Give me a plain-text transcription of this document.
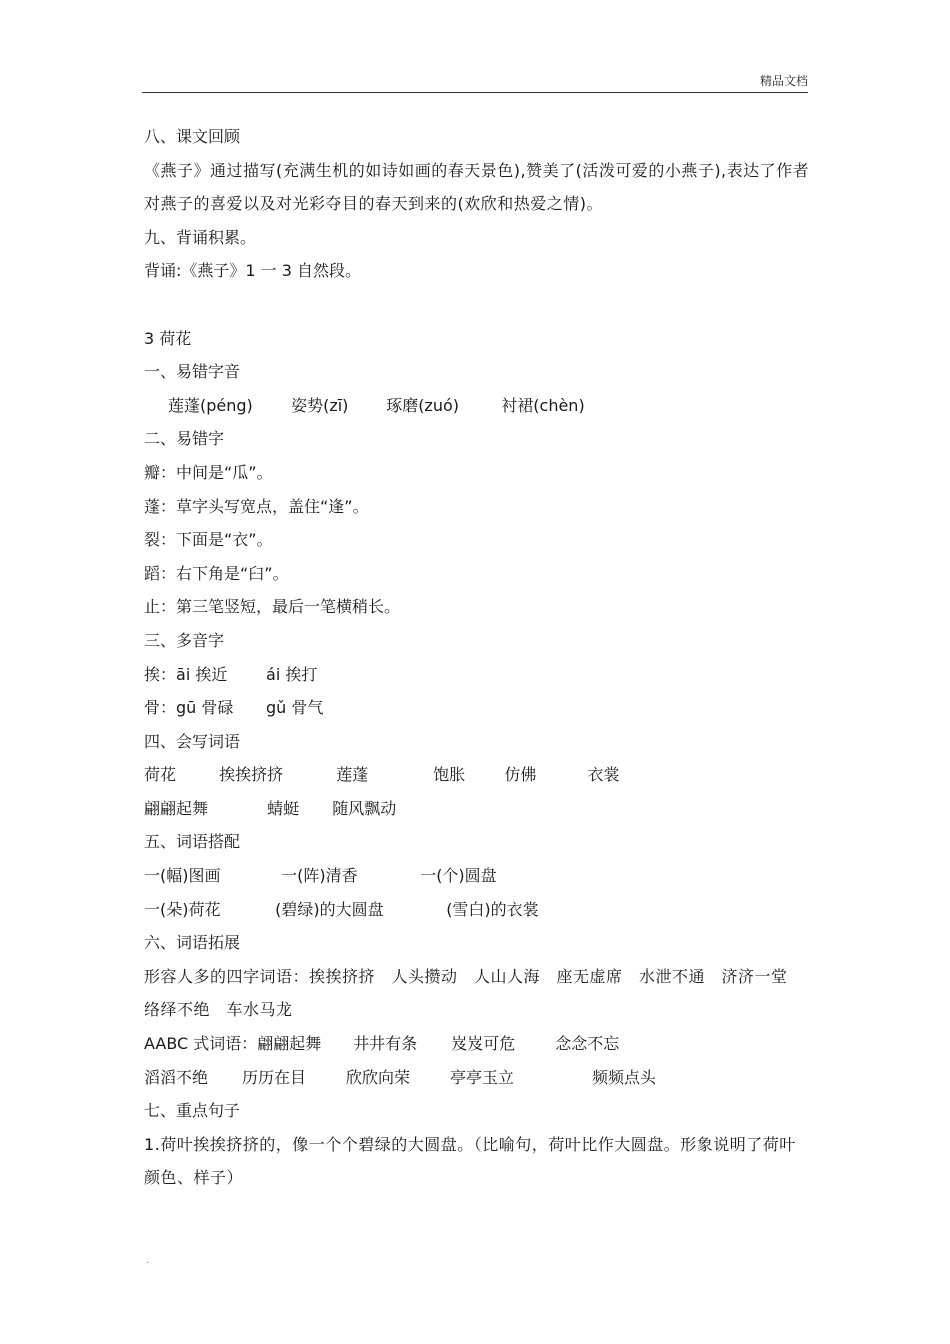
精品文档
八、课文回顾
《燕子》通过描写(充满生机的如诗如画的春天景色),赞美了(活泼可爱的小燕子),表达了作者对燕子的喜爱以及对光彩夺目的春天到来的(欢欣和热爱之情)。
九、背诵积累。
背诵:《燕子》1 一 3 自然段。
3 荷花
一、易错字音
莲蓬(péng) 姿势(zī) 琢磨(zuó)	衬裙(chèn)
二、易错字
瓣：中间是“瓜”。
蓬：草字头写宽点，盖住“逢”。
裂：下面是“衣”。
蹈：右下角是“臼”。
止：第三笔竖短，最后一笔横稍长。
三、多音字
挨：āi 挨近 ái 挨打
骨：gū 骨碌 gǔ 骨气
四、会写词语
荷花	挨挨挤挤	莲蓬	饱胀 仿佛	衣裳
翩翩起舞	蜻蜓 随风飘动
五、词语搭配
一(幅)图画	一(阵)清香	一(个)圆盘
一(朵)荷花	(碧绿)的大圆盘	(雪白)的衣裳
六、词语拓展
形容人多的四字词语：挨挨挤挤　人头攒动　人山人海　座无虚席　水泄不通　济济一堂　络绎不绝　车水马龙
AABC 式词语：翩翩起舞 井井有条 岌岌可危 念念不忘
滔滔不绝 历历在目 欣欣向荣 亭亭玉立	频频点头
七、重点句子
1.荷叶挨挨挤挤的，像一个个碧绿的大圆盘。（比喻句，荷叶比作大圆盘。形象说明了荷叶颜色、样子）
.
